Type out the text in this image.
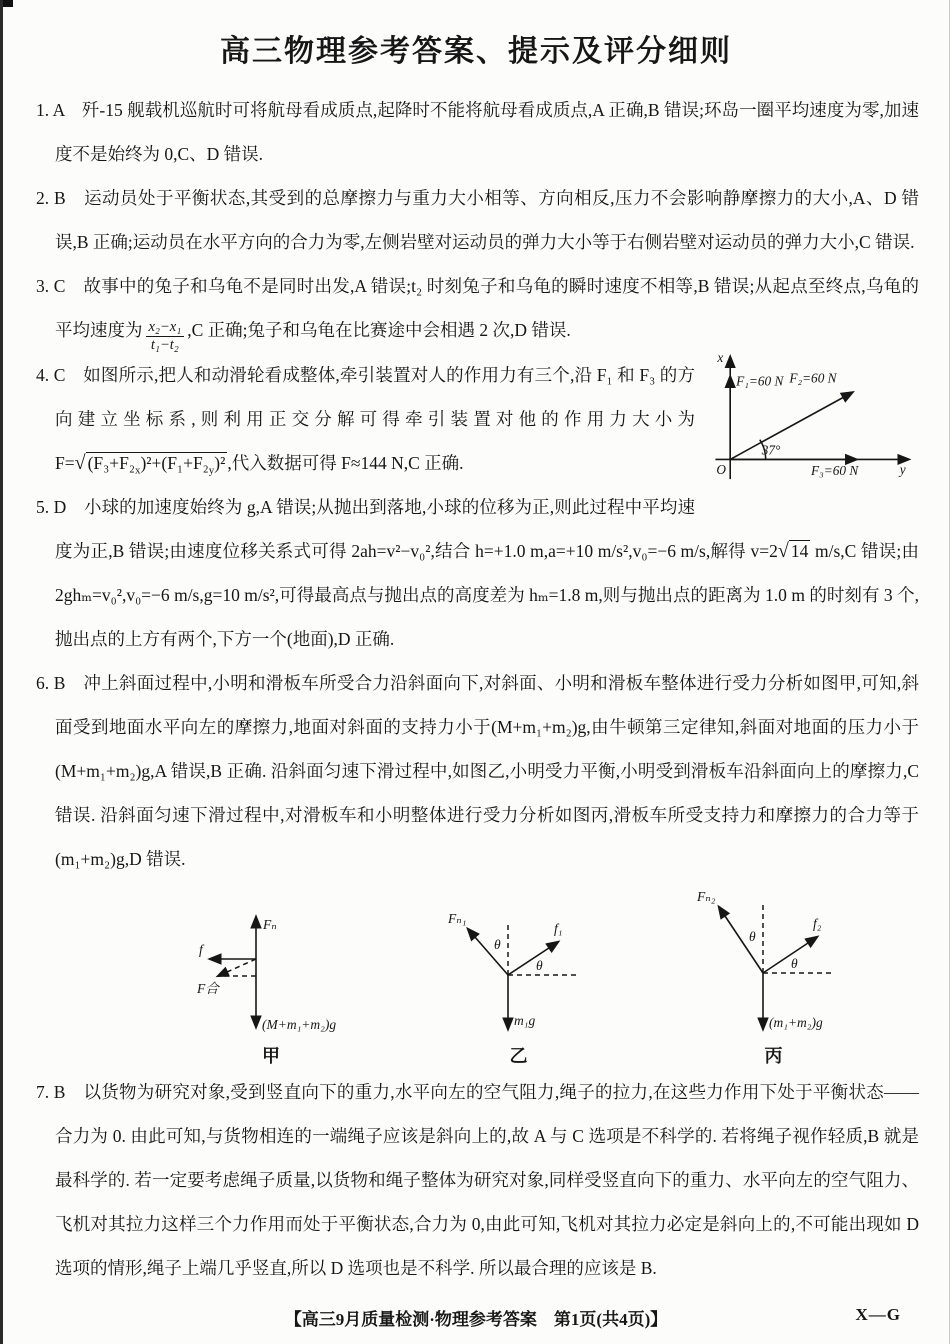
高三物理参考答案、提示及评分细则

1. A　歼-15 舰载机巡航时可将航母看成质点,起降时不能将航母看成质点,A 正确,B 错误;环岛一圈平均速度为零,加速度不是始终为 0,C、D 错误.

2. B　运动员处于平衡状态,其受到的总摩擦力与重力大小相等、方向相反,压力不会影响静摩擦力的大小,A、D 错误,B 正确;运动员在水平方向的合力为零,左侧岩壁对运动员的弹力大小等于右侧岩壁对运动员的弹力大小,C 错误.

3. C　故事中的兔子和乌龟不是同时出发,A 错误;t₂ 时刻兔子和乌龟的瞬时速度不相等,B 错误;从起点至终点,乌龟的平均速度为 $\frac{\text{x₂−x₁}}{\text{t₁−t₂}} ,C$ 正确;兔子和乌龟在比赛途中会相遇 2 次,D 错误.

x
y
O
F₁=60 N F₂=60 N
F₃=60 N
37°
4. C　如图所示,把人和动滑轮看成整体,牵引装置对人的作用力有三个,沿 F₁ 和 F₃ 的方向建立坐标系,则利用正交分解可得牵引装置对他的作用力大小为 F=√ $(F_3+F_2_x)^2+(F_1+F_2_y)^2$ ,代入数据可得 F≈144 N,C 正确.

5. D　小球的加速度始终为 g,A 错误;从抛出到落地,小球的位移为正,则此过程中平均速度为正,B 错误;由速度位移关系式可得 2ah=v²−v₀²,结合 h=+1.0 m,a=+10 m/s²,v₀=−6 m/s,解得 v=2√ 14 m/s,C 错误;由 2ghₘ=v₀²,v₀=−6 m/s,g=10 m/s²,可得最高点与抛出点的高度差为 hₘ=1.8 m,则与抛出点的距离为 1.0 m 的时刻有 3 个,抛出点的上方有两个,下方一个(地面),D 正确.

6. B　冲上斜面过程中,小明和滑板车所受合力沿斜面向下,对斜面、小明和滑板车整体进行受力分析如图甲,可知,斜面受到地面水平向左的摩擦力,地面对斜面的支持力小于(M+m₁+m₂)g,由牛顿第三定律知,斜面对地面的压力小于(M+m₁+m₂)g,A 错误,B 正确. 沿斜面匀速下滑过程中,如图乙,小明受力平衡,小明受到滑板车沿斜面向上的摩擦力,C 错误. 沿斜面匀速下滑过程中,对滑板车和小明整体进行受力分析如图丙,滑板车所受支持力和摩擦力的合力等于(m₁+m₂)g,D 错误.

Fₙ
f
F合
(M+m₁+m₂)g
甲
Fₙ₁
θ
f₁
θ
m₁g
乙
Fₙ₂
θ
f₂
θ
(m₁+m₂)g
丙

7. B　以货物为研究对象,受到竖直向下的重力,水平向左的空气阻力,绳子的拉力,在这些力作用下处于平衡状态——合力为 0. 由此可知,与货物相连的一端绳子应该是斜向上的,故 A 与 C 选项是不科学的. 若将绳子视作轻质,B 就是最科学的. 若一定要考虑绳子质量,以货物和绳子整体为研究对象,同样受竖直向下的重力、水平向左的空气阻力、飞机对其拉力这样三个力作用而处于平衡状态,合力为 0,由此可知,飞机对其拉力必定是斜向上的,不可能出现如 D 选项的情形,绳子上端几乎竖直,所以 D 选项也是不科学. 所以最合理的应该是 B.

【高三9月质量检测·物理参考答案　第1页(共4页)】	X—G
